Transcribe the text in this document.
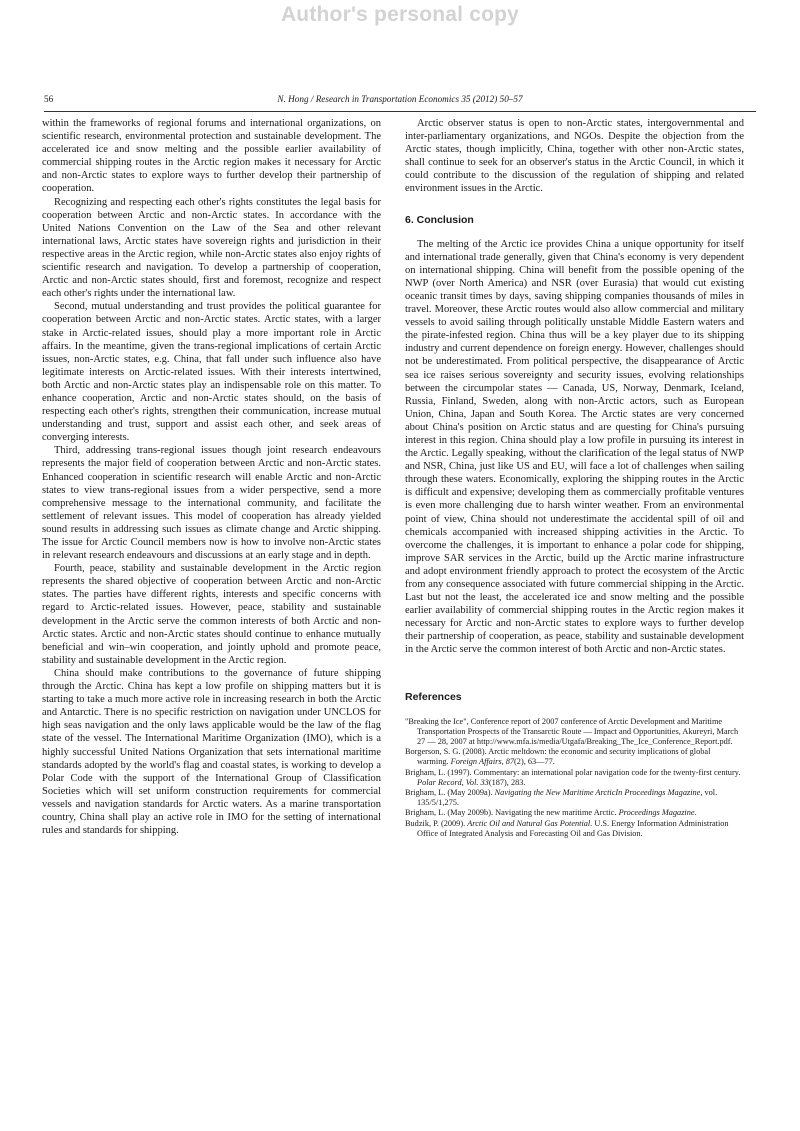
Author's personal copy
56	N. Hong / Research in Transportation Economics 35 (2012) 50–57

within the frameworks of regional forums and international organizations, on scientific research, environmental protection and sustainable development. The accelerated ice and snow melting and the possible earlier availability of commercial shipping routes in the Arctic region makes it necessary for Arctic and non-Arctic states to explore ways to further develop their partnership of cooperation.

Recognizing and respecting each other's rights constitutes the legal basis for cooperation between Arctic and non-Arctic states. In accordance with the United Nations Convention on the Law of the Sea and other relevant international laws, Arctic states have sovereign rights and jurisdiction in their respective areas in the Arctic region, while non-Arctic states also enjoy rights of scientific research and navigation. To develop a partnership of cooperation, Arctic and non-Arctic states should, first and foremost, recognize and respect each other's rights under the international law.

Second, mutual understanding and trust provides the political guarantee for cooperation between Arctic and non-Arctic states. Arctic states, with a larger stake in Arctic-related issues, should play a more important role in Arctic affairs. In the meantime, given the trans-regional implications of certain Arctic issues, non-Arctic states, e.g. China, that fall under such influence also have legitimate interests on Arctic-related issues. With their interests intertwined, both Arctic and non-Arctic states play an indispensable role on this matter. To enhance cooperation, Arctic and non-Arctic states should, on the basis of respecting each other's rights, strengthen their communication, increase mutual understanding and trust, support and assist each other, and seek areas of converging interests.

Third, addressing trans-regional issues though joint research endeavours represents the major field of cooperation between Arctic and non-Arctic states. Enhanced cooperation in scientific research will enable Arctic and non-Arctic states to view trans-regional issues from a wider perspective, send a more comprehensive message to the international community, and facilitate the settlement of relevant issues. This model of cooperation has already yielded sound results in addressing such issues as climate change and Arctic shipping. The issue for Arctic Council members now is how to involve non-Arctic states in relevant research endeavours and discussions at an early stage and in depth.

Fourth, peace, stability and sustainable development in the Arctic region represents the shared objective of cooperation between Arctic and non-Arctic states. The parties have different rights, interests and specific concerns with regard to Arctic-related issues. However, peace, stability and sustainable development in the Arctic serve the common interests of both Arctic and non-Arctic states. Arctic and non-Arctic states should continue to enhance mutually beneficial and win–win cooperation, and jointly uphold and promote peace, stability and sustainable development in the Arctic region.

China should make contributions to the governance of future shipping through the Arctic. China has kept a low profile on shipping matters but it is starting to take a much more active role in increasing research in both the Arctic and Antarctic. There is no specific restriction on navigation under UNCLOS for high seas navigation and the only laws applicable would be the law of the flag state of the vessel. The International Maritime Organization (IMO), which is a highly successful United Nations Organization that sets international maritime standards adopted by the world's flag and coastal states, is working to develop a Polar Code with the support of the International Group of Classification Societies which will set uniform construction requirements for commercial vessels and navigation standards for Arctic waters. As a marine transportation country, China shall play an active role in IMO for the setting of international rules and standards for shipping.

Arctic observer status is open to non-Arctic states, intergovernmental and inter-parliamentary organizations, and NGOs. Despite the objection from the Arctic states, though implicitly, China, together with other non-Arctic states, shall continue to seek for an observer's status in the Arctic Council, in which it could contribute to the discussion of the regulation of shipping and related environment issues in the Arctic.

6. Conclusion

The melting of the Arctic ice provides China a unique opportunity for itself and international trade generally, given that China's economy is very dependent on international shipping. China will benefit from the possible opening of the NWP (over North America) and NSR (over Eurasia) that would cut existing oceanic transit times by days, saving shipping companies thousands of miles in travel. Moreover, these Arctic routes would also allow commercial and military vessels to avoid sailing through politically unstable Middle Eastern waters and the pirate-infested region. China thus will be a key player due to its shipping industry and current dependence on foreign energy. However, challenges should not be underestimated. From political perspective, the disappearance of Arctic sea ice raises serious sovereignty and security issues, evolving relationships between the circumpolar states — Canada, US, Norway, Denmark, Iceland, Russia, Finland, Sweden, along with non-Arctic actors, such as European Union, China, Japan and South Korea. The Arctic states are very concerned about China's position on Arctic status and are questing for China's pursuing interest in this region. China should play a low profile in pursuing its interest in the Arctic. Legally speaking, without the clarification of the legal status of NWP and NSR, China, just like US and EU, will face a lot of challenges when sailing through these waters. Economically, exploring the shipping routes in the Arctic is difficult and expensive; developing them as commercially profitable ventures is even more challenging due to harsh winter weather. From an environmental point of view, China should not underestimate the accidental spill of oil and chemicals accompanied with increased shipping activities in the Arctic. To overcome the challenges, it is important to enhance a polar code for shipping, improve SAR services in the Arctic, build up the Arctic marine infrastructure and adopt environment friendly approach to protect the ecosystem of the Arctic from any consequence associated with future commercial shipping in the Arctic. Last but not the least, the accelerated ice and snow melting and the possible earlier availability of commercial shipping routes in the Arctic region makes it necessary for Arctic and non-Arctic states to explore ways to further develop their partnership of cooperation, as peace, stability and sustainable development in the Arctic serve the common interest of both Arctic and non-Arctic states.

References

"Breaking the Ice", Conference report of 2007 conference of Arctic Development and Maritime Transportation Prospects of the Transarctic Route — Impact and Opportunities, Akureyri, March 27 — 28, 2007 at http://www.mfa.is/media/Utgafa/Breaking_The_Ice_Conference_Report.pdf.

Borgerson, S. G. (2008). Arctic meltdown: the economic and security implications of global warming. Foreign Affairs, 87(2), 63—77.

Brigham, L. (1997). Commentary: an international polar navigation code for the twenty-first century. Polar Record, Vol. 33(187), 283.

Brigham, L. (May 2009a). Navigating the New Maritime ArcticIn Proceedings Magazine, vol. 135/5/1,275.

Brigham, L. (May 2009b). Navigating the new maritime Arctic. Proceedings Magazine.

Budzik, P. (2009). Arctic Oil and Natural Gas Potential. U.S. Energy Information Administration Office of Integrated Analysis and Forecasting Oil and Gas Division.
